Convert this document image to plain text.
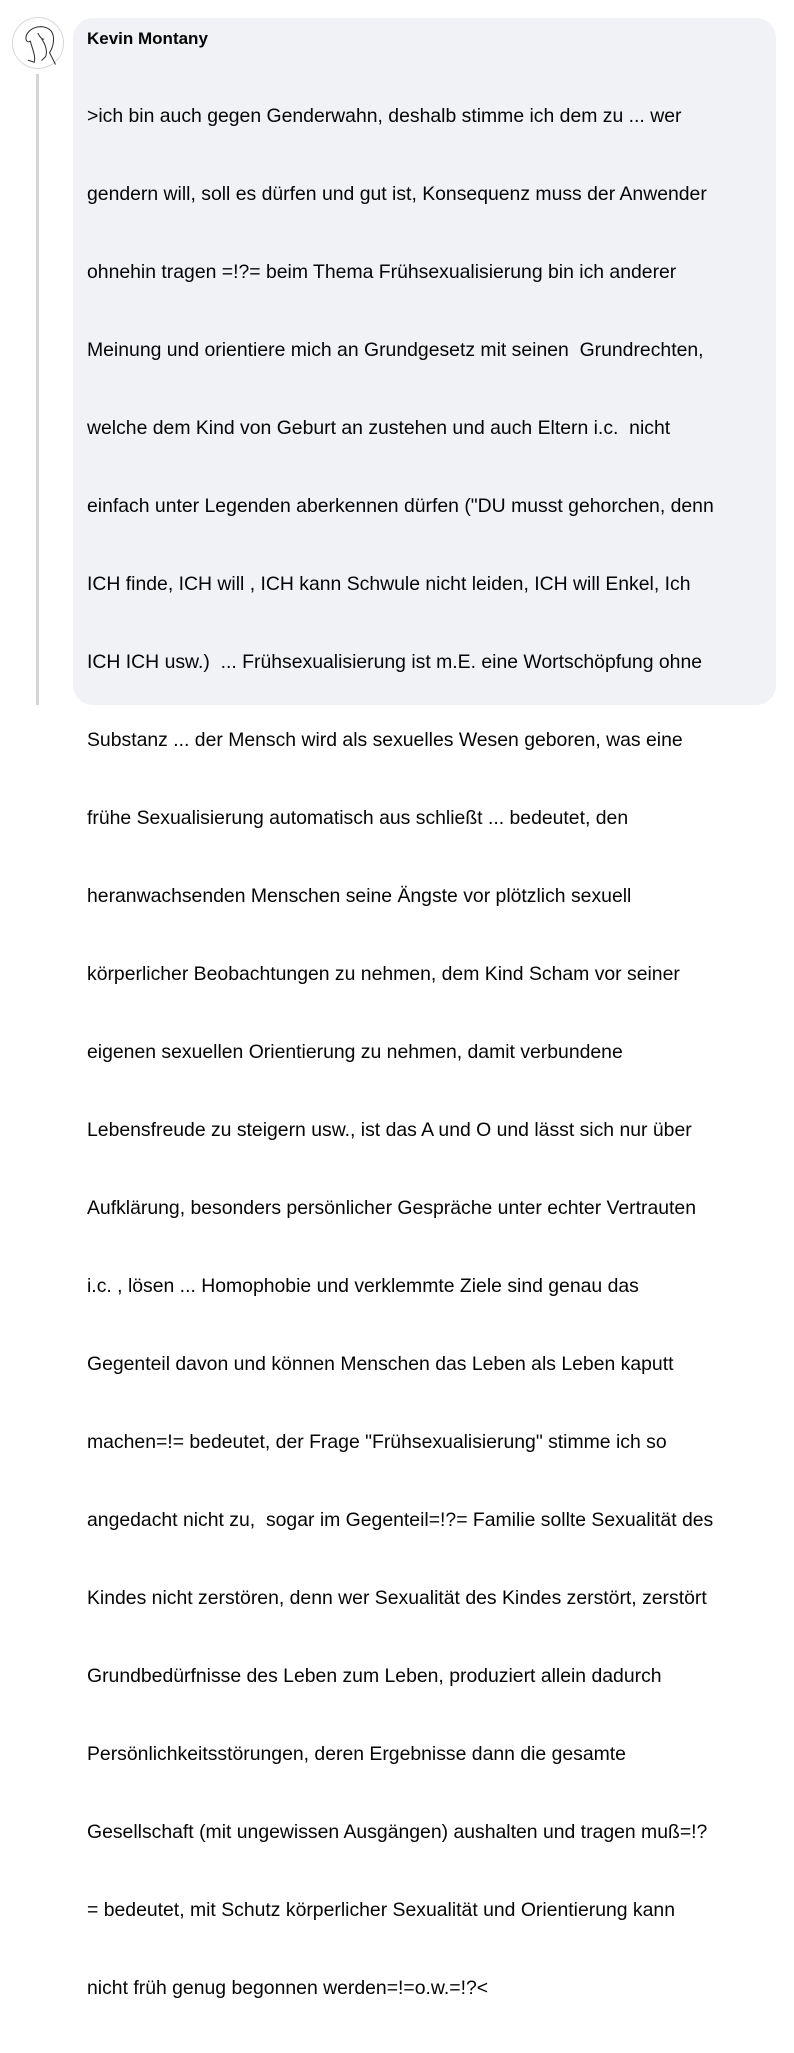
Kevin Montany

>ich bin auch gegen Genderwahn, deshalb stimme ich dem zu ... wer

gendern will, soll es dürfen und gut ist, Konsequenz muss der Anwender

ohnehin tragen =!?= beim Thema Frühsexualisierung bin ich anderer

Meinung und orientiere mich an Grundgesetz mit seinen  Grundrechten,

welche dem Kind von Geburt an zustehen und auch Eltern i.c.  nicht

einfach unter Legenden aberkennen dürfen ("DU musst gehorchen, denn

ICH finde, ICH will , ICH kann Schwule nicht leiden, ICH will Enkel, Ich

ICH ICH usw.)  ... Frühsexualisierung ist m.E. eine Wortschöpfung ohne

Substanz ... der Mensch wird als sexuelles Wesen geboren, was eine

frühe Sexualisierung automatisch aus schließt ... bedeutet, den

heranwachsenden Menschen seine Ängste vor plötzlich sexuell

körperlicher Beobachtungen zu nehmen, dem Kind Scham vor seiner

eigenen sexuellen Orientierung zu nehmen, damit verbundene

Lebensfreude zu steigern usw., ist das A und O und lässt sich nur über

Aufklärung, besonders persönlicher Gespräche unter echter Vertrauten

i.c. , lösen ... Homophobie und verklemmte Ziele sind genau das

Gegenteil davon und können Menschen das Leben als Leben kaputt

machen=!= bedeutet, der Frage "Frühsexualisierung" stimme ich so

angedacht nicht zu,  sogar im Gegenteil=!?= Familie sollte Sexualität des

Kindes nicht zerstören, denn wer Sexualität des Kindes zerstört, zerstört

Grundbedürfnisse des Leben zum Leben, produziert allein dadurch

Persönlichkeitsstörungen, deren Ergebnisse dann die gesamte

Gesellschaft (mit ungewissen Ausgängen) aushalten und tragen muß=!?

= bedeutet, mit Schutz körperlicher Sexualität und Orientierung kann

nicht früh genug begonnen werden=!=o.w.=!?<
